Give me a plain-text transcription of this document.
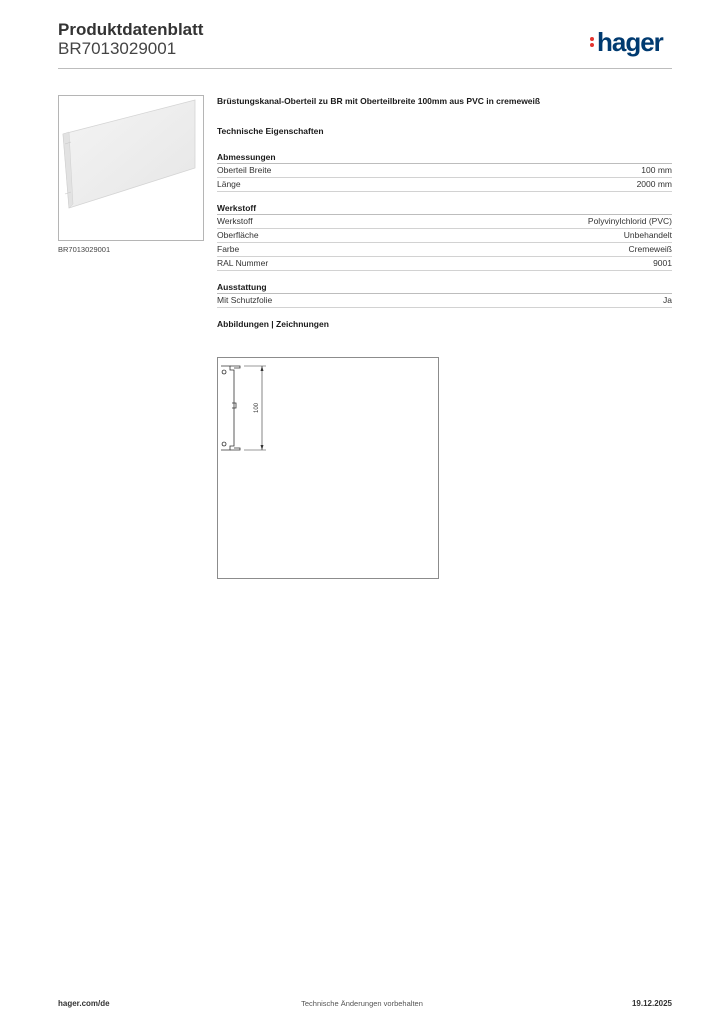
Produktdatenblatt
BR7013029001	hager
BR7013029001
Brüstungskanal-Oberteil zu BR mit Oberteilbreite 100mm aus PVC in cremeweiß
Technische Eigenschaften
Abmessungen
Oberteil Breite	100 mm
Länge	2000 mm
Werkstoff
Werkstoff	Polyvinylchlorid (PVC)
Oberfläche	Unbehandelt
Farbe	Cremeweiß
RAL Nummer	9001
Ausstattung
Mit Schutzfolie	Ja
Abbildungen | Zeichnungen
100
hager.com/de	Technische Änderungen vorbehalten	19.12.2025
